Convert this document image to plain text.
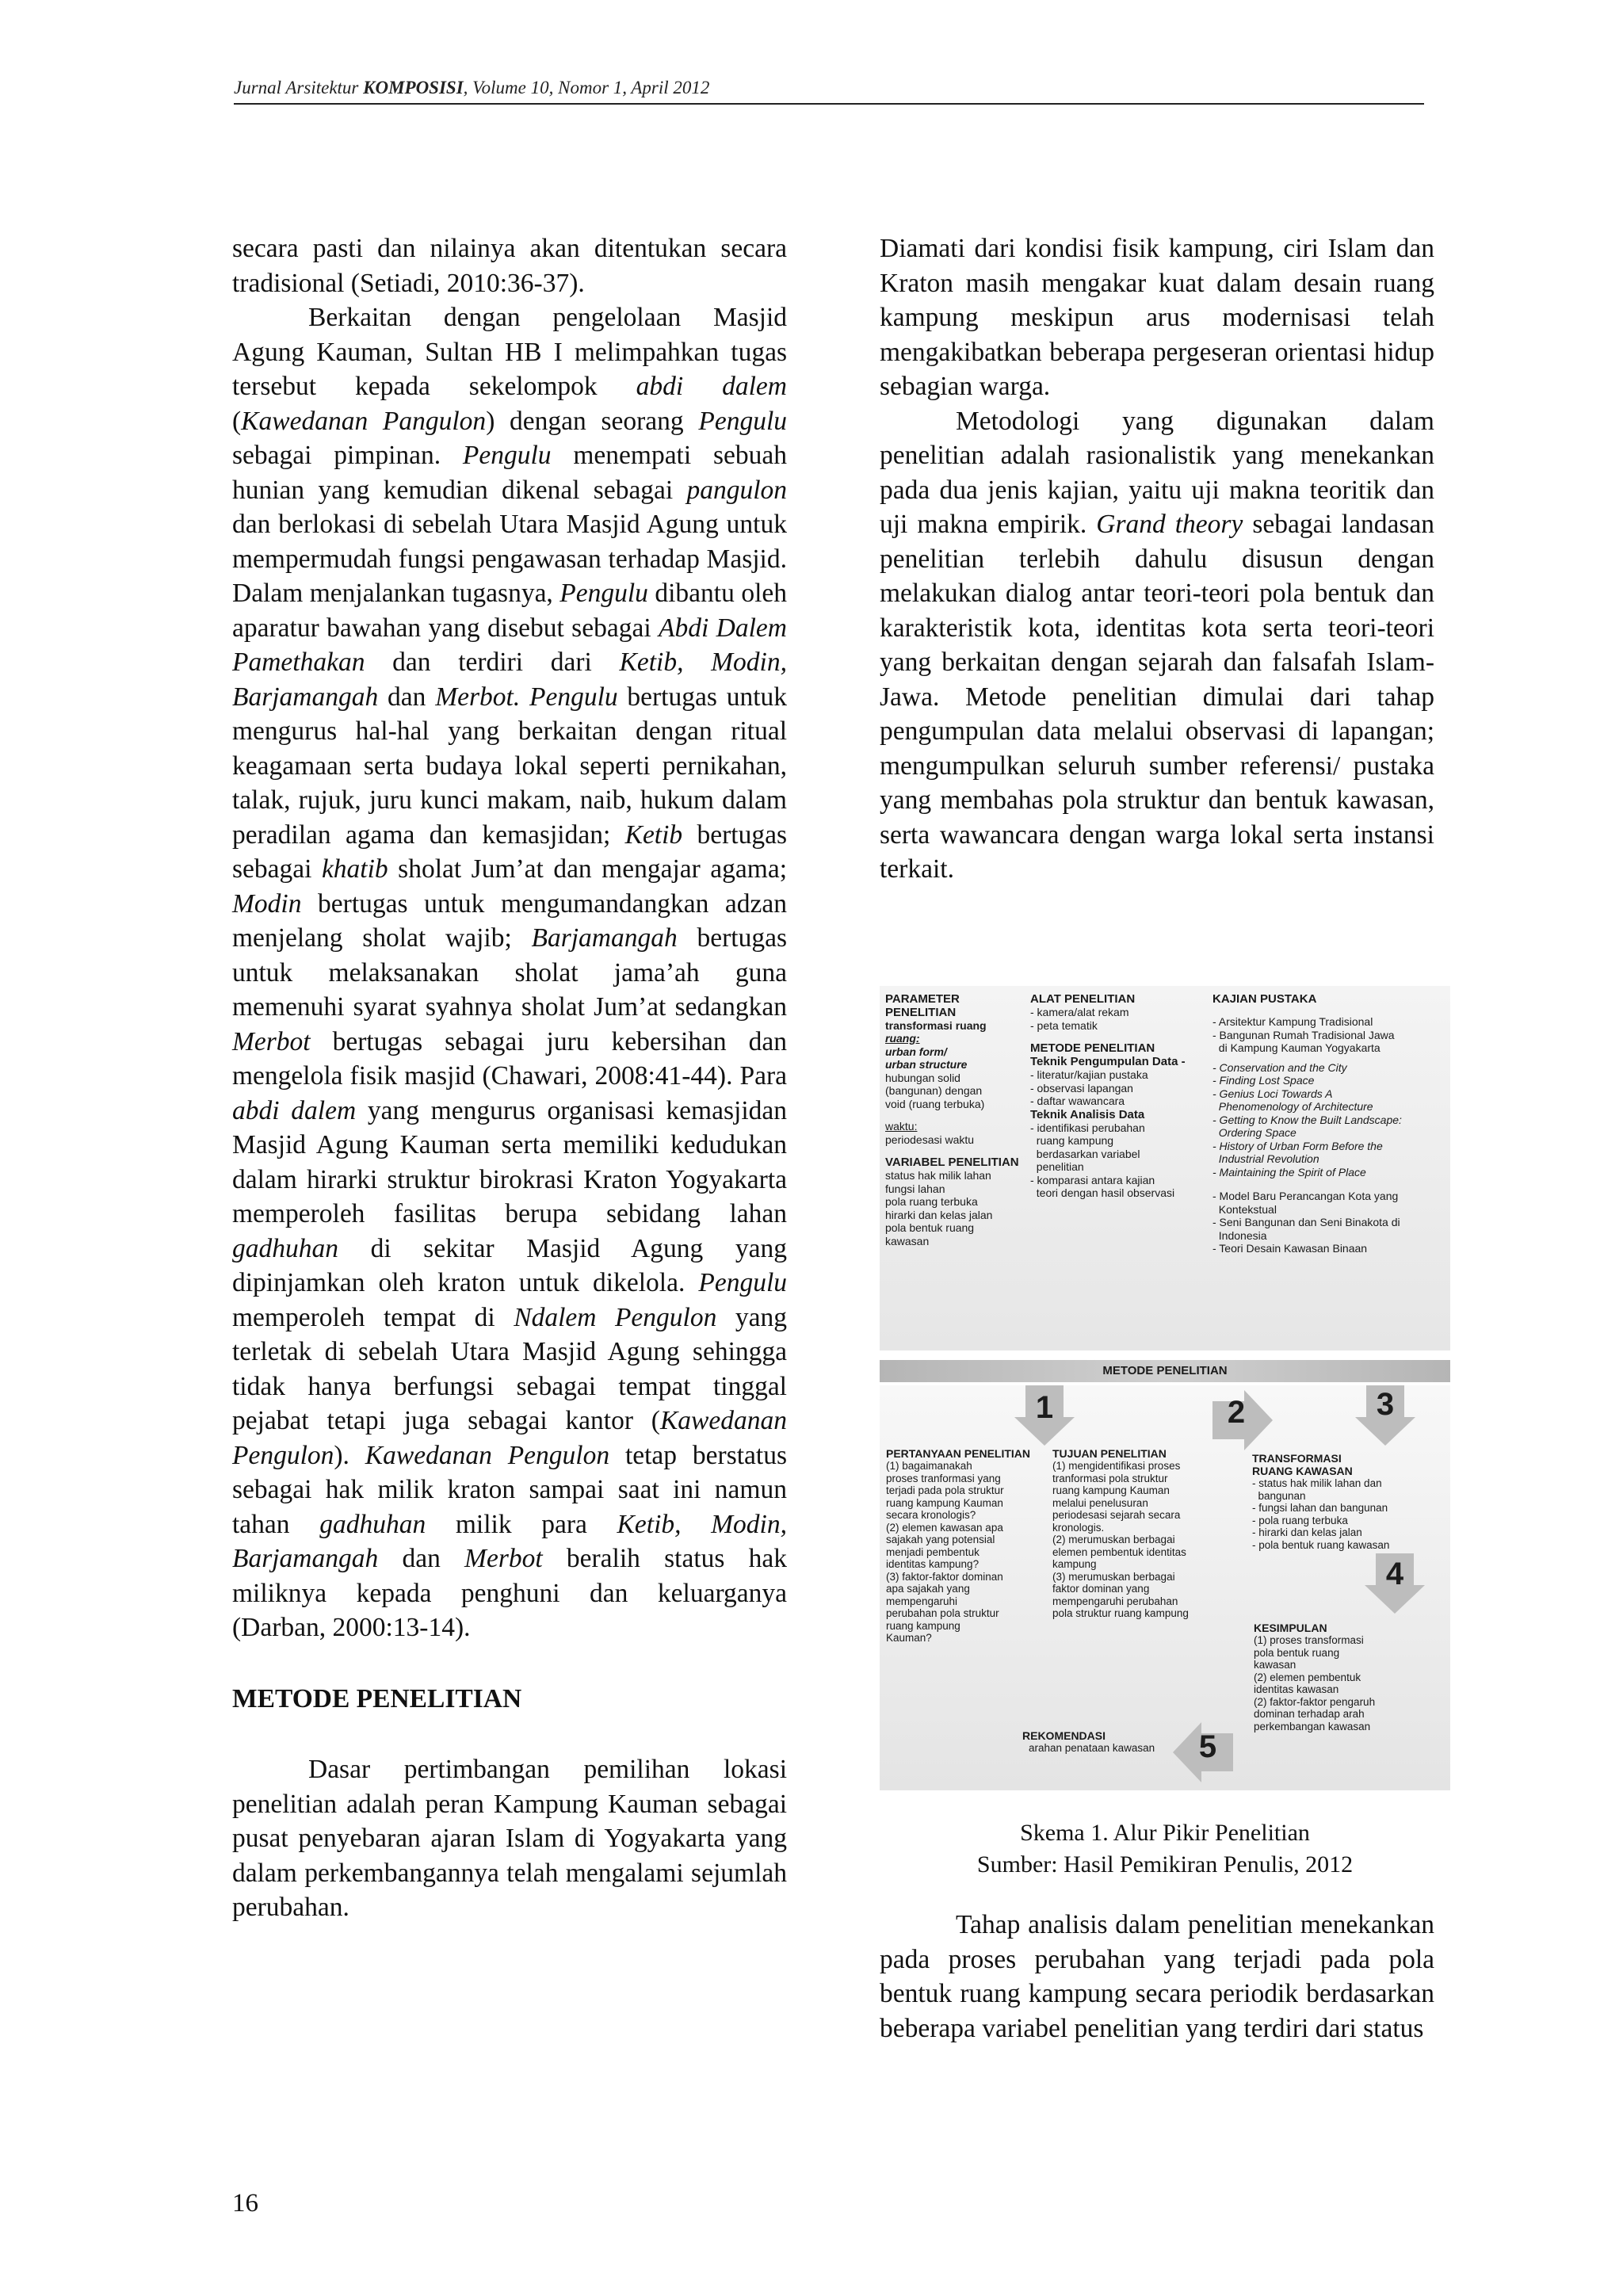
Jurnal Arsitektur KOMPOSISI, Volume 10, Nomor 1, April 2012

secara pasti dan nilainya akan ditentukan secara tradisional (Setiadi, 2010:36-37).

Berkaitan dengan pengelolaan Masjid Agung Kauman, Sultan HB I melimpahkan tugas tersebut kepada sekelompok abdi dalem (Kawedanan Pangulon) dengan seorang Pengulu sebagai pimpinan. Pengulu menempati sebuah hunian yang kemudian dikenal sebagai pangulon dan berlokasi di sebelah Utara Masjid Agung untuk mempermudah fungsi pengawasan terhadap Masjid. Dalam menjalankan tugasnya, Pengulu dibantu oleh aparatur bawahan yang disebut sebagai Abdi Dalem Pamethakan dan terdiri dari Ketib, Modin, Barjamangah dan Merbot. Pengulu bertugas untuk mengurus hal-hal yang berkaitan dengan ritual keagamaan serta budaya lokal seperti pernikahan, talak, rujuk, juru kunci makam, naib, hukum dalam peradilan agama dan kemasjidan; Ketib bertugas sebagai khatib sholat Jum’at dan mengajar agama; Modin bertugas untuk mengumandangkan adzan menjelang sholat wajib; Barjamangah bertugas untuk melaksanakan sholat jama’ah guna memenuhi syarat syahnya sholat Jum’at sedangkan Merbot bertugas sebagai juru kebersihan dan mengelola fisik masjid (Chawari, 2008:41-44). Para abdi dalem yang mengurus organisasi kemasjidan Masjid Agung Kauman serta memiliki kedudukan dalam hirarki struktur birokrasi Kraton Yogyakarta memperoleh fasilitas berupa sebidang lahan gadhuhan di sekitar Masjid Agung yang dipinjamkan oleh kraton untuk dikelola. Pengulu memperoleh tempat di Ndalem Pengulon yang terletak di sebelah Utara Masjid Agung sehingga tidak hanya berfungsi sebagai tempat tinggal pejabat tetapi juga sebagai kantor (Kawedanan Pengulon). Kawedanan Pengulon tetap berstatus sebagai hak milik kraton sampai saat ini namun tahan gadhuhan milik para Ketib, Modin, Barjamangah dan Merbot beralih status hak miliknya kepada penghuni dan keluarganya (Darban, 2000:13-14).

METODE PENELITIAN

Dasar pertimbangan pemilihan lokasi penelitian adalah peran Kampung Kauman sebagai pusat penyebaran ajaran Islam di Yogyakarta yang dalam perkembangannya telah mengalami sejumlah perubahan.

Diamati dari kondisi fisik kampung, ciri Islam dan Kraton masih mengakar kuat dalam desain ruang kampung meskipun arus modernisasi telah mengakibatkan beberapa pergeseran orientasi hidup sebagian warga.

Metodologi yang digunakan dalam penelitian adalah rasionalistik yang menekankan pada dua jenis kajian, yaitu uji makna teoritik dan uji makna empirik. Grand theory sebagai landasan penelitian terlebih dahulu disusun dengan melakukan dialog antar teori-teori pola bentuk dan karakteristik kota, identitas kota serta teori-teori yang berkaitan dengan sejarah dan falsafah Islam-Jawa. Metode penelitian dimulai dari tahap pengumpulan data melalui observasi di lapangan; mengumpulkan seluruh sumber referensi/ pustaka yang membahas pola struktur dan bentuk kawasan, serta wawancara dengan warga lokal serta instansi terkait.

PARAMETER PENELITIAN
transformasi ruang
ruang:
urban form/
urban structure
hubungan solid
(bangunan) dengan
void (ruang terbuka)
waktu:
periodesasi waktu
VARIABEL PENELITIAN
status hak milik lahan
fungsi lahan
pola ruang terbuka
hirarki dan kelas jalan
pola bentuk ruang
kawasan
ALAT PENELITIAN
- kamera/alat rekam
- peta tematik
METODE PENELITIAN
Teknik Pengumpulan Data -
- literatur/kajian pustaka
- observasi lapangan
- daftar wawancara
Teknik Analisis Data
- identifikasi perubahan
ruang kampung
berdasarkan variabel
penelitian
- komparasi antara kajian
teori dengan hasil observasi
KAJIAN PUSTAKA
- Arsitektur Kampung Tradisional
- Bangunan Rumah Tradisional Jawa
di Kampung Kauman Yogyakarta
- Conservation and the City
- Finding Lost Space
- Genius Loci Towards A
Phenomenology of Architecture
- Getting to Know the Built Landscape:
Ordering Space
- History of Urban Form Before the
Industrial Revolution
- Maintaining the Spirit of Place
- Model Baru Perancangan Kota yang
Kontekstual
- Seni Bangunan dan Seni Binakota di
Indonesia
- Teori Desain Kawasan Binaan
METODE PENELITIAN
1	2	3
4
5
PERTANYAAN PENELITIAN
(1) bagaimanakah
proses tranformasi yang
terjadi pada pola struktur
ruang kampung Kauman
secara kronologis?
(2) elemen kawasan apa
sajakah yang potensial
menjadi pembentuk
identitas kampung?
(3) faktor-faktor dominan
apa sajakah yang
mempengaruhi
perubahan pola struktur
ruang kampung
Kauman?
TUJUAN PENELITIAN
(1) mengidentifikasi proses
tranformasi pola struktur
ruang kampung Kauman
melalui penelusuran
periodesasi sejarah secara
kronologis.
(2) merumuskan berbagai
elemen pembentuk identitas
kampung
(3) merumuskan berbagai
faktor dominan yang
mempengaruhi perubahan
pola struktur ruang kampung
TRANSFORMASI RUANG KAWASAN
- status hak milik lahan dan
bangunan
- fungsi lahan dan bangunan
- pola ruang terbuka
- hirarki dan kelas jalan
- pola bentuk ruang kawasan
KESIMPULAN
(1) proses transformasi
pola bentuk ruang
kawasan
(2) elemen pembentuk
identitas kawasan
(2) faktor-faktor pengaruh
dominan terhadap arah
perkembangan kawasan
REKOMENDASI
arahan penataan kawasan
Skema 1. Alur Pikir Penelitian
Sumber: Hasil Pemikiran Penulis, 2012

Tahap analisis dalam penelitian menekankan pada proses perubahan yang terjadi pada pola bentuk ruang kampung secara periodik berdasarkan beberapa variabel penelitian yang terdiri dari status

16
